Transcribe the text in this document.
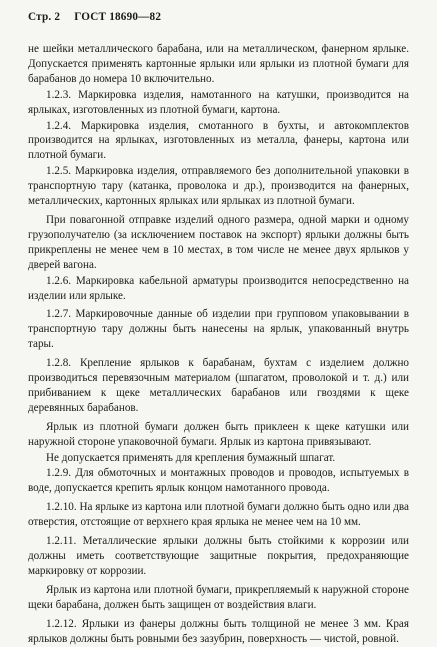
Стр. 2 ГОСТ 18690—82

не шейки металлического барабана, или на металлическом, фанерном ярлыке. Допускается применять картонные ярлыки или ярлыки из плотной бумаги для барабанов до номера 10 включительно.

1.2.3. Маркировка изделия, намотанного на катушки, производится на ярлыках, изготовленных из плотной бумаги, картона.

1.2.4. Маркировка изделия, смотанного в бухты, и автокомплектов производится на ярлыках, изготовленных из металла, фанеры, картона или плотной бумаги.

1.2.5. Маркировка изделия, отправляемого без дополнительной упаковки в транспортную тару (катанка, проволока и др.), производится на фанерных, металлических, картонных ярлыках или ярлыках из плотной бумаги.

При повагонной отправке изделий одного размера, одной марки и одному грузополучателю (за исключением поставок на экспорт) ярлыки должны быть прикреплены не менее чем в 10 местах, в том числе не менее двух ярлыков у дверей вагона.

1.2.6. Маркировка кабельной арматуры производится непосредственно на изделии или ярлыке.

1.2.7. Маркировочные данные об изделии при групповом упаковывании в транспортную тару должны быть нанесены на ярлык, упакованный внутрь тары.

1.2.8. Крепление ярлыков к барабанам, бухтам с изделием должно производиться перевязочным материалом (шпагатом, проволокой и т. д.) или прибиванием к щеке металлических барабанов или гвоздями к щеке деревянных барабанов.

Ярлык из плотной бумаги должен быть приклеен к щеке катушки или наружной стороне упаковочной бумаги. Ярлык из картона привязывают.

Не допускается применять для крепления бумажный шпагат.

1.2.9. Для обмоточных и монтажных проводов и проводов, испытуемых в воде, допускается крепить ярлык концом намотанного провода.

1.2.10. На ярлыке из картона или плотной бумаги должно быть одно или два отверстия, отстоящие от верхнего края ярлыка не менее чем на 10 мм.

1.2.11. Металлические ярлыки должны быть стойкими к коррозии или должны иметь соответствующие защитные покрытия, предохраняющие маркировку от коррозии.

Ярлык из картона или плотной бумаги, прикрепляемый к наружной стороне щеки барабана, должен быть защищен от воздействия влаги.

1.2.12. Ярлыки из фанеры должны быть толщиной не менее 3 мм. Края ярлыков должны быть ровными без зазубрин, поверхность — чистой, ровной.
